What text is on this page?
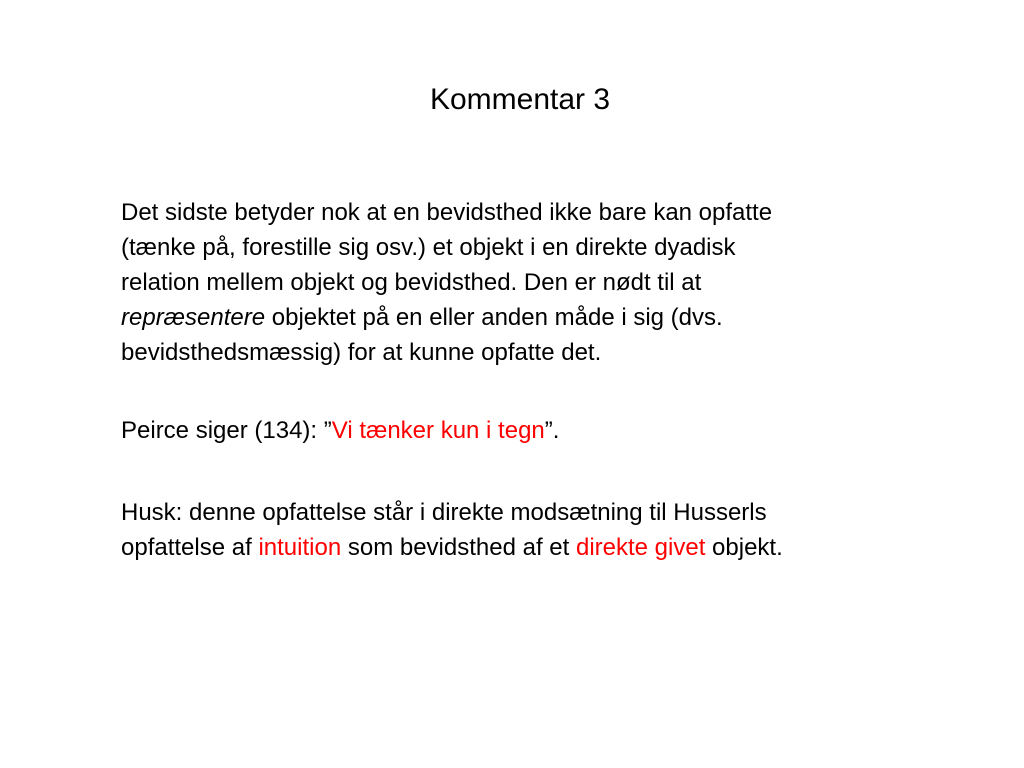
Kommentar 3
Det sidste betyder nok at en bevidsthed ikke bare kan opfatte
(tænke på, forestille sig osv.) et objekt i en direkte dyadisk
relation mellem objekt og bevidsthed. Den er nødt til at
repræsentere objektet på en eller anden måde i sig (dvs.
bevidsthedsmæssig) for at kunne opfatte det.
Peirce siger (134): ”Vi tænker kun i tegn”.
Husk: denne opfattelse står i direkte modsætning til Husserls
opfattelse af intuition som bevidsthed af et direkte givet objekt.
